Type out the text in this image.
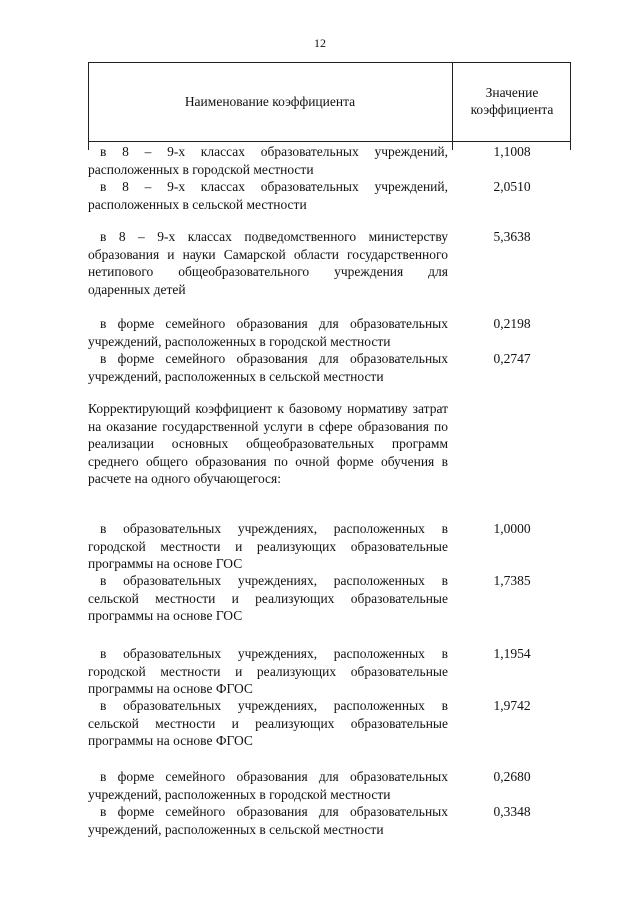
12
Наименование коэффициента
Значение
коэффициента
в 8 – 9-х классах образовательных учреждений, расположенных в городской местности
1,1008
в 8 – 9-х классах образовательных учреждений, расположенных в сельской местности
2,0510
в 8 – 9-х классах подведомственного министерству образования и науки Самарской области государственного нетипового общеобразовательного учреждения для одаренных детей
5,3638
в форме семейного образования для образовательных учреждений, расположенных в городской местности
0,2198
в форме семейного образования для образовательных учреждений, расположенных в сельской местности
0,2747
Корректирующий коэффициент к базовому нормативу затрат на оказание государственной услуги в сфере образования по реализации основных общеобразовательных программ среднего общего образования по очной форме обучения в расчете на одного обучающегося:
в образовательных учреждениях, расположенных в городской местности и реализующих образовательные программы на основе ГОС
1,0000
в образовательных учреждениях, расположенных в сельской местности и реализующих образовательные программы на основе ГОС
1,7385
в образовательных учреждениях, расположенных в городской местности и реализующих образовательные программы на основе ФГОС
1,1954
в образовательных учреждениях, расположенных в сельской местности и реализующих образовательные программы на основе ФГОС
1,9742
в форме семейного образования для образовательных учреждений, расположенных в городской местности
0,2680
в форме семейного образования для образовательных учреждений, расположенных в сельской местности
0,3348
